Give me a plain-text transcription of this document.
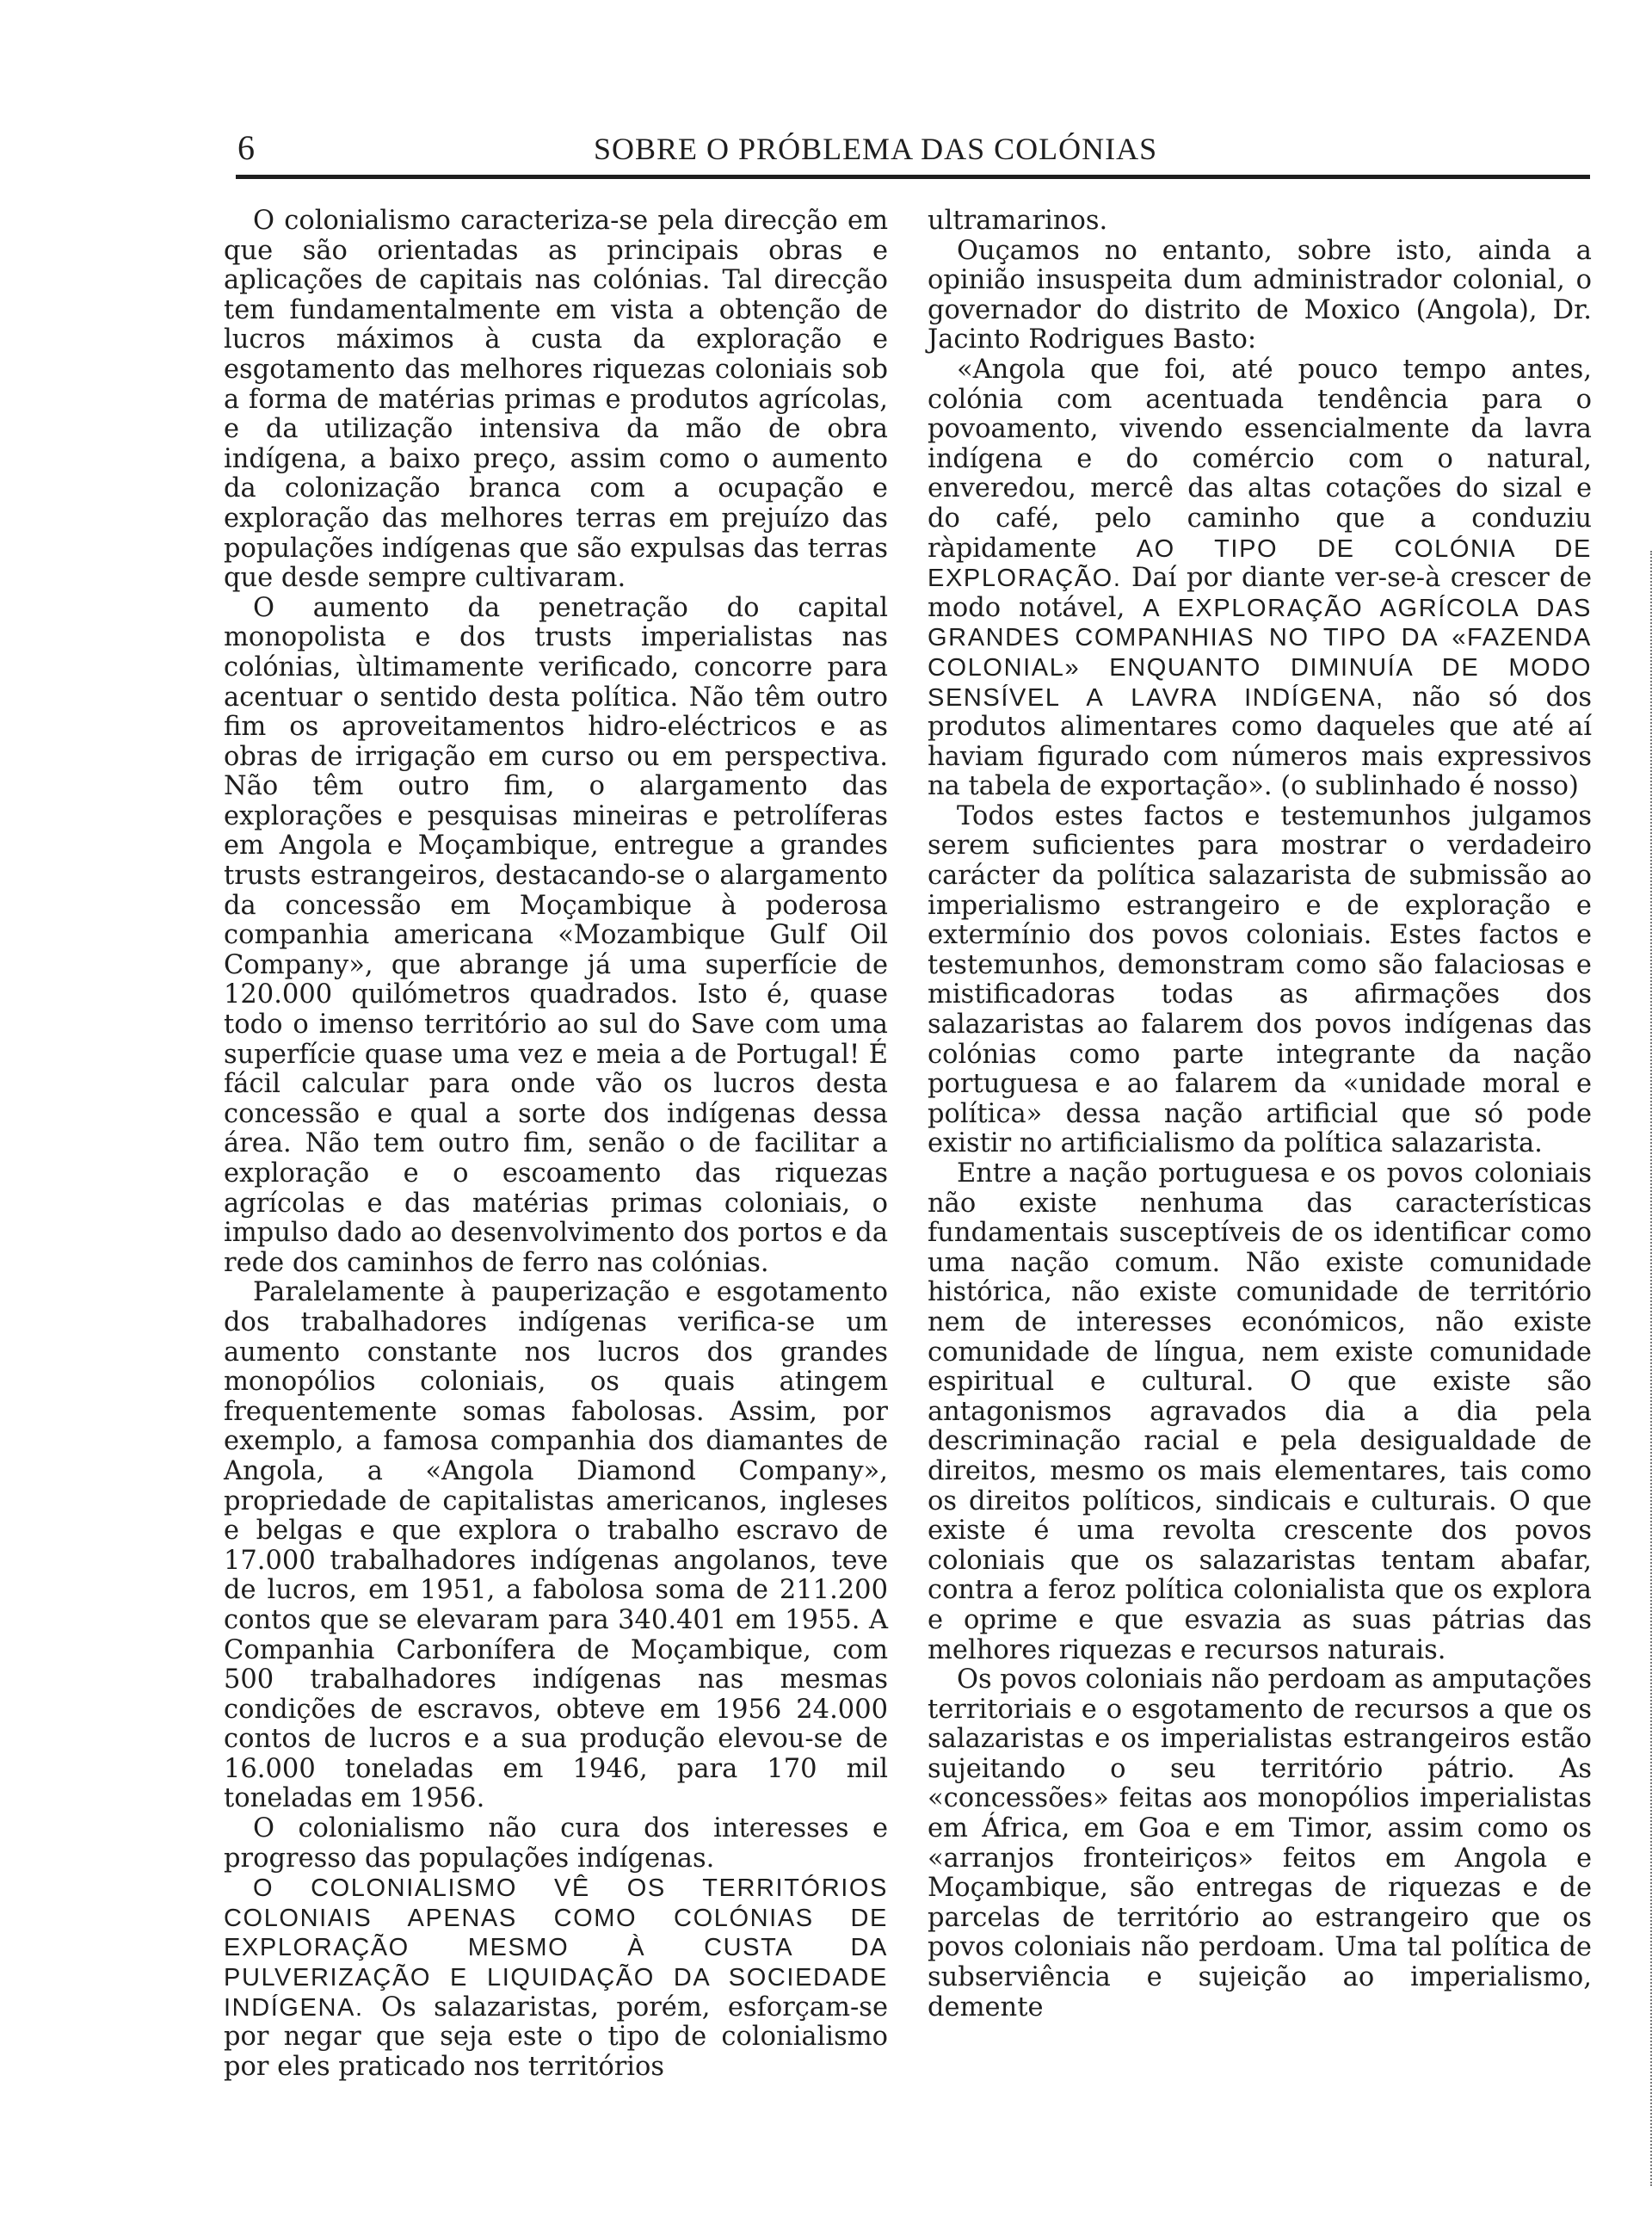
6	SOBRE O PRÓBLEMA DAS COLÓNIAS

O colonialismo caracteriza-se pela direcção em que são orientadas as principais obras e aplicações de capitais nas colónias. Tal direcção tem fundamentalmente em vista a obtenção de lucros máximos à custa da exploração e esgotamento das melhores riquezas coloniais sob a forma de matérias primas e produtos agrícolas, e da utilização intensiva da mão de obra indígena, a baixo preço, assim como o aumento da colonização branca com a ocupação e exploração das melhores terras em prejuízo das populações indígenas que são expulsas das terras que desde sempre cultivaram.

O aumento da penetração do capital monopolista e dos trusts imperialistas nas colónias, ùltimamente verificado, concorre para acentuar o sentido desta política. Não têm outro fim os aproveitamentos hidro-eléctricos e as obras de irrigação em curso ou em perspectiva. Não têm outro fim, o alargamento das explorações e pesquisas mineiras e petrolíferas em Angola e Moçambique, entregue a grandes trusts estrangeiros, destacando-se o alargamento da concessão em Moçambique à poderosa companhia americana «Mozambique Gulf Oil Company», que abrange já uma superfície de 120.000 quilómetros quadrados. Isto é, quase todo o imenso território ao sul do Save com uma superfície quase uma vez e meia a de Portugal! É fácil calcular para onde vão os lucros desta concessão e qual a sorte dos indígenas dessa área. Não tem outro fim, senão o de facilitar a exploração e o escoamento das riquezas agrícolas e das matérias primas coloniais, o impulso dado ao desenvolvimento dos portos e da rede dos caminhos de ferro nas colónias.

Paralelamente à pauperização e esgotamento dos trabalhadores indígenas verifica-se um aumento constante nos lucros dos grandes monopólios coloniais, os quais atingem frequentemente somas fabolosas. Assim, por exemplo, a famosa companhia dos diamantes de Angola, a «Angola Diamond Company», propriedade de capitalistas americanos, ingleses e belgas e que explora o trabalho escravo de 17.000 trabalhadores indígenas angolanos, teve de lucros, em 1951, a fabolosa soma de 211.200 contos que se elevaram para 340.401 em 1955. A Companhia Carbonífera de Moçambique, com 500 trabalhadores indígenas nas mesmas condições de escravos, obteve em 1956 24.000 contos de lucros e a sua produção elevou-se de 16.000 toneladas em 1946, para 170 mil toneladas em 1956.

O colonialismo não cura dos interesses e progresso das populações indígenas.

O COLONIALISMO VÊ OS TERRITÓRIOS COLONIAIS APENAS COMO COLÓNIAS DE EXPLORAÇÃO MESMO À CUSTA DA PULVERIZAÇÃO E LIQUIDAÇÃO DA SOCIEDADE INDÍGENA. Os salazaristas, porém, esforçam-se por negar que seja este o tipo de colonialismo por eles praticado nos territórios

ultramarinos.

Ouçamos no entanto, sobre isto, ainda a opinião insuspeita dum administrador colonial, o governador do distrito de Moxico (Angola), Dr. Jacinto Rodrigues Basto:

«Angola que foi, até pouco tempo antes, colónia com acentuada tendência para o povoamento, vivendo essencialmente da lavra indígena e do comércio com o natural, enveredou, mercê das altas cotações do sizal e do café, pelo caminho que a conduziu ràpidamente AO TIPO DE COLÓNIA DE EXPLORAÇÃO. Daí por diante ver-se-à crescer de modo notável, A EXPLORAÇÃO AGRÍCOLA DAS GRANDES COMPANHIAS NO TIPO DA «FAZENDA COLONIAL» ENQUANTO DIMINUÍA DE MODO SENSÍVEL A LAVRA INDÍGENA, não só dos produtos alimentares como daqueles que até aí haviam figurado com números mais expressivos na tabela de exportação». (o sublinhado é nosso)

Todos estes factos e testemunhos julgamos serem suficientes para mostrar o verdadeiro carácter da política salazarista de submissão ao imperialismo estrangeiro e de exploração e extermínio dos povos coloniais. Estes factos e testemunhos, demonstram como são falaciosas e mistificadoras todas as afirmações dos salazaristas ao falarem dos povos indígenas das colónias como parte integrante da nação portuguesa e ao falarem da «unidade moral e política» dessa nação artificial que só pode existir no artificialismo da política salazarista.

Entre a nação portuguesa e os povos coloniais não existe nenhuma das características fundamentais susceptíveis de os identificar como uma nação comum. Não existe comunidade histórica, não existe comunidade de território nem de interesses económicos, não existe comunidade de língua, nem existe comunidade espiritual e cultural. O que existe são antagonismos agravados dia a dia pela descriminação racial e pela desigualdade de direitos, mesmo os mais elementares, tais como os direitos políticos, sindicais e culturais. O que existe é uma revolta crescente dos povos coloniais que os salazaristas tentam abafar, contra a feroz política colonialista que os explora e oprime e que esvazia as suas pátrias das melhores riquezas e recursos naturais.

Os povos coloniais não perdoam as amputações territoriais e o esgotamento de recursos a que os salazaristas e os imperialistas estrangeiros estão sujeitando o seu território pátrio. As «concessões» feitas aos monopólios imperialistas em África, em Goa e em Timor, assim como os «arranjos fronteiriços» feitos em Angola e Moçambique, são entregas de riquezas e de parcelas de território ao estrangeiro que os povos coloniais não perdoam. Uma tal política de subserviência e sujeição ao imperialismo, demente
